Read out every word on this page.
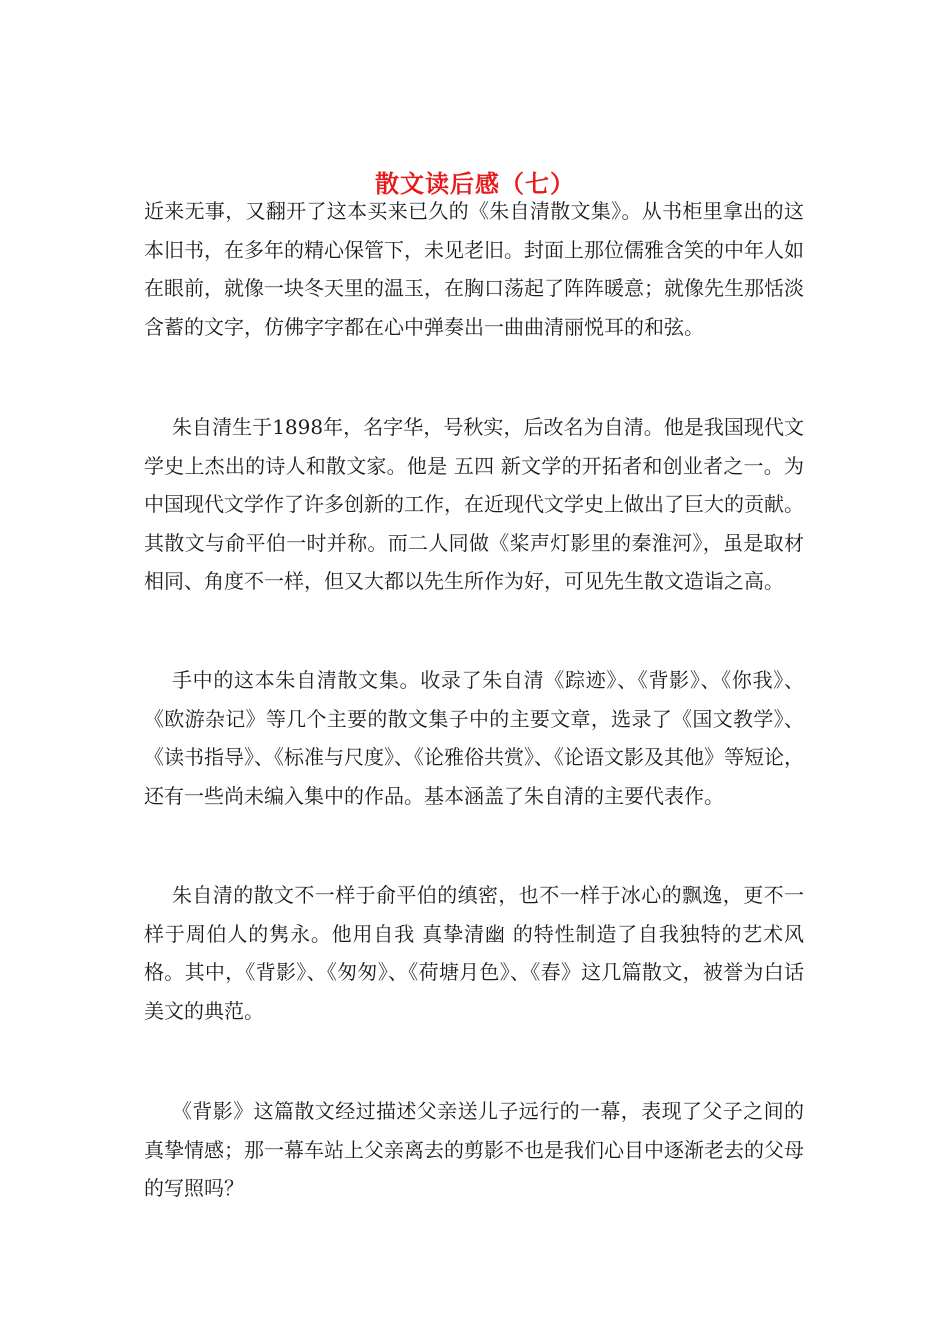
散文读后感（七）

近来无事，又翻开了这本买来已久的《朱自清散文集》。从书柜里拿出的这本旧书，在多年的精心保管下，未见老旧。封面上那位儒雅含笑的中年人如在眼前，就像一块冬天里的温玉，在胸口荡起了阵阵暖意；就像先生那恬淡含蓄的文字，仿佛字字都在心中弹奏出一曲曲清丽悦耳的和弦。

朱自清生于1898年，名字华，号秋实，后改名为自清。他是我国现代文学史上杰出的诗人和散文家。他是 五四 新文学的开拓者和创业者之一。为中国现代文学作了许多创新的工作，在近现代文学史上做出了巨大的贡献。其散文与俞平伯一时并称。而二人同做《桨声灯影里的秦淮河》，虽是取材相同、角度不一样，但又大都以先生所作为好，可见先生散文造诣之高。

手中的这本朱自清散文集。收录了朱自清《踪迹》、《背影》、《你我》、《欧游杂记》等几个主要的散文集子中的主要文章，选录了《国文教学》、《读书指导》、《标准与尺度》、《论雅俗共赏》、《论语文影及其他》等短论，还有一些尚未编入集中的作品。基本涵盖了朱自清的主要代表作。

朱自清的散文不一样于俞平伯的缜密，也不一样于冰心的飘逸，更不一样于周伯人的隽永。他用自我 真挚清幽 的特性制造了自我独特的艺术风格。其中，《背影》、《匆匆》、《荷塘月色》、《春》这几篇散文，被誉为白话美文的典范。

《背影》这篇散文经过描述父亲送儿子远行的一幕，表现了父子之间的真挚情感；那一幕车站上父亲离去的剪影不也是我们心目中逐渐老去的父母的写照吗？
